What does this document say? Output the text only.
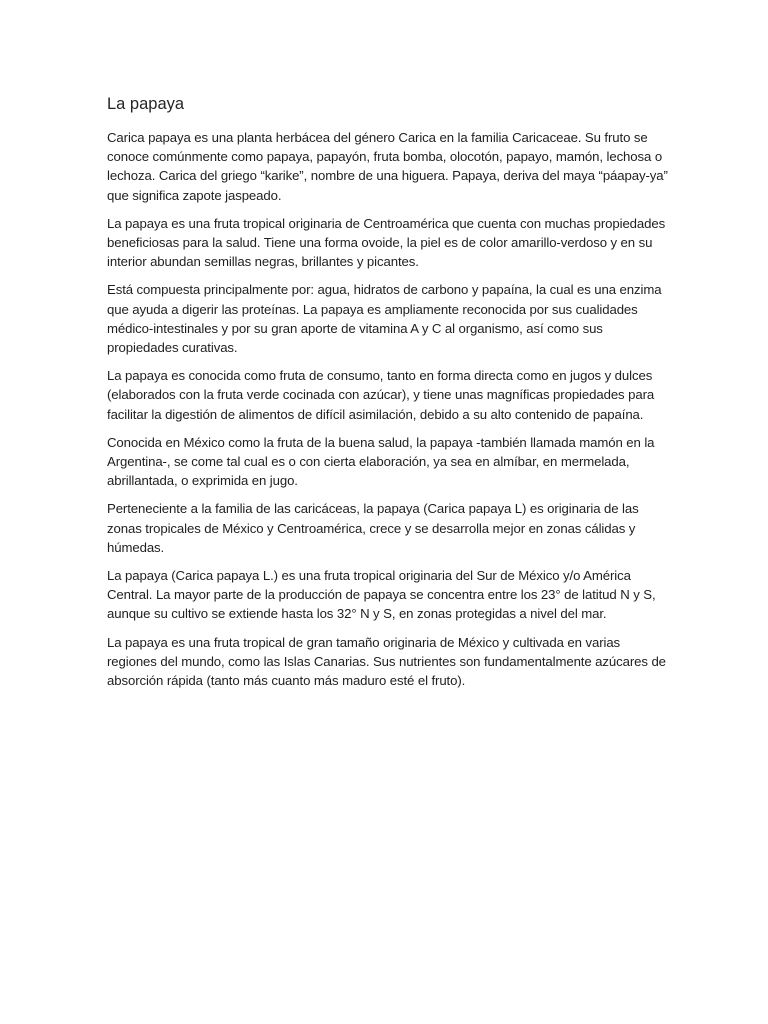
La papaya

Carica papaya es una planta herbácea del género Carica en la familia Caricaceae. Su fruto se conoce comúnmente como papaya, papayón, fruta bomba, olocotón, papayo, mamón, lechosa o lechoza. Carica del griego “karike”, nombre de una higuera. Papaya, deriva del maya “páapay-ya” que significa zapote jaspeado.

La papaya es una fruta tropical originaria de Centroamérica que cuenta con muchas propiedades beneficiosas para la salud. Tiene una forma ovoide, la piel es de color amarillo-verdoso y en su interior abundan semillas negras, brillantes y picantes.

Está compuesta principalmente por: agua, hidratos de carbono y papaína, la cual es una enzima que ayuda a digerir las proteínas. La papaya es ampliamente reconocida por sus cualidades médico-intestinales y por su gran aporte de vitamina A y C al organismo, así como sus propiedades curativas.

La papaya es conocida como fruta de consumo, tanto en forma directa como en jugos y dulces (elaborados con la fruta verde cocinada con azúcar), y tiene unas magníficas propiedades para facilitar la digestión de alimentos de difícil asimilación, debido a su alto contenido de papaína.

Conocida en México como la fruta de la buena salud, la papaya -también llamada mamón en la Argentina-, se come tal cual es o con cierta elaboración, ya sea en almíbar, en mermelada, abrillantada, o exprimida en jugo.

Perteneciente a la familia de las caricáceas, la papaya (Carica papaya L) es originaria de las zonas tropicales de México y Centroamérica, crece y se desarrolla mejor en zonas cálidas y húmedas.

La papaya (Carica papaya L.) es una fruta tropical originaria del Sur de México y/o América Central. La mayor parte de la producción de papaya se concentra entre los 23° de latitud N y S, aunque su cultivo se extiende hasta los 32° N y S, en zonas protegidas a nivel del mar.

La papaya es una fruta tropical de gran tamaño originaria de México y cultivada en varias regiones del mundo, como las Islas Canarias. Sus nutrientes son fundamentalmente azúcares de absorción rápida (tanto más cuanto más maduro esté el fruto).
